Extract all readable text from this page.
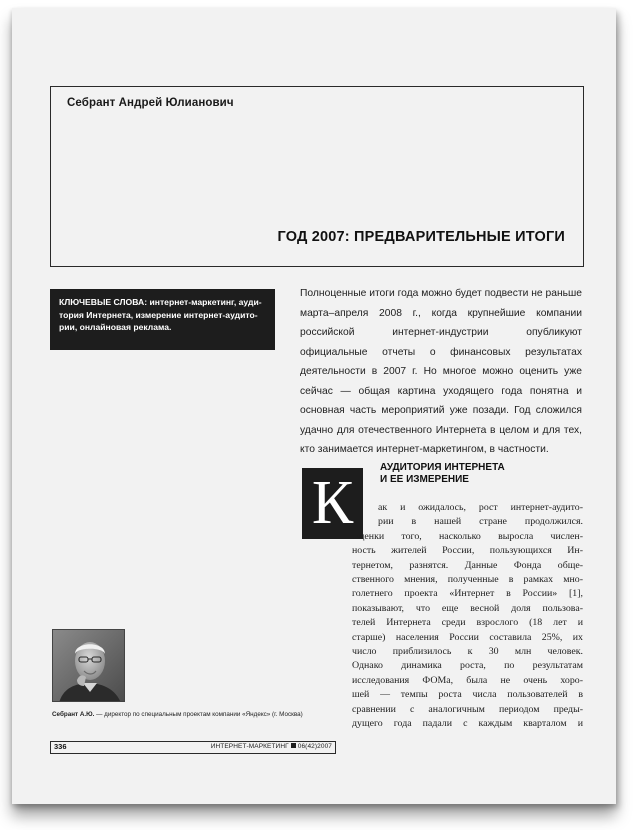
Себрант Андрей Юлианович
ГОД 2007: ПРЕДВАРИТЕЛЬНЫЕ ИТОГИ
КЛЮЧЕВЫЕ СЛОВА: интернет-маркетинг, ауди-
тория Интернета, измерение интернет-аудито-
рии, онлайновая реклама.
Полноценные итоги года можно будет подвести не раньше марта–апреля 2008 г., когда крупнейшие компании российской интернет-индустрии опубликуют официальные отчеты о финансовых результатах деятельности в 2007 г. Но многое можно оценить уже сейчас — общая картина уходящего года понятна и основная часть мероприятий уже позади. Год сложился удачно для отечественного Интернета в целом и для тех, кто занимается интернет-маркетингом, в частности.
К
АУДИТОРИЯ ИНТЕРНЕТА
И ЕЕ ИЗМЕРЕНИЕ
ак и ожидалось, рост интернет-аудито-
рии в нашей стране продолжился.
Оценки того, насколько выросла числен-
ность жителей России, пользующихся Ин-
тернетом, разнятся. Данные Фонда обще-
ственного мнения, полученные в рамках мно-
голетнего проекта «Интернет в России» [1],
показывают, что еще весной доля пользова-
телей Интернета среди взрослого (18 лет и
старше) населения России составила 25%, их
число приблизилось к 30 млн человек.
Однако динамика роста, по результатам
исследования ФОМа, была не очень хоро-
шей — темпы роста числа пользователей в
сравнении с аналогичным периодом преды-
дущего года падали с каждым кварталом и
Себрант А.Ю. — директор по специальным проектам компании «Яндекс» (г. Москва)
336	ИНТЕРНЕТ-МАРКЕТИНГ 06(42)2007
